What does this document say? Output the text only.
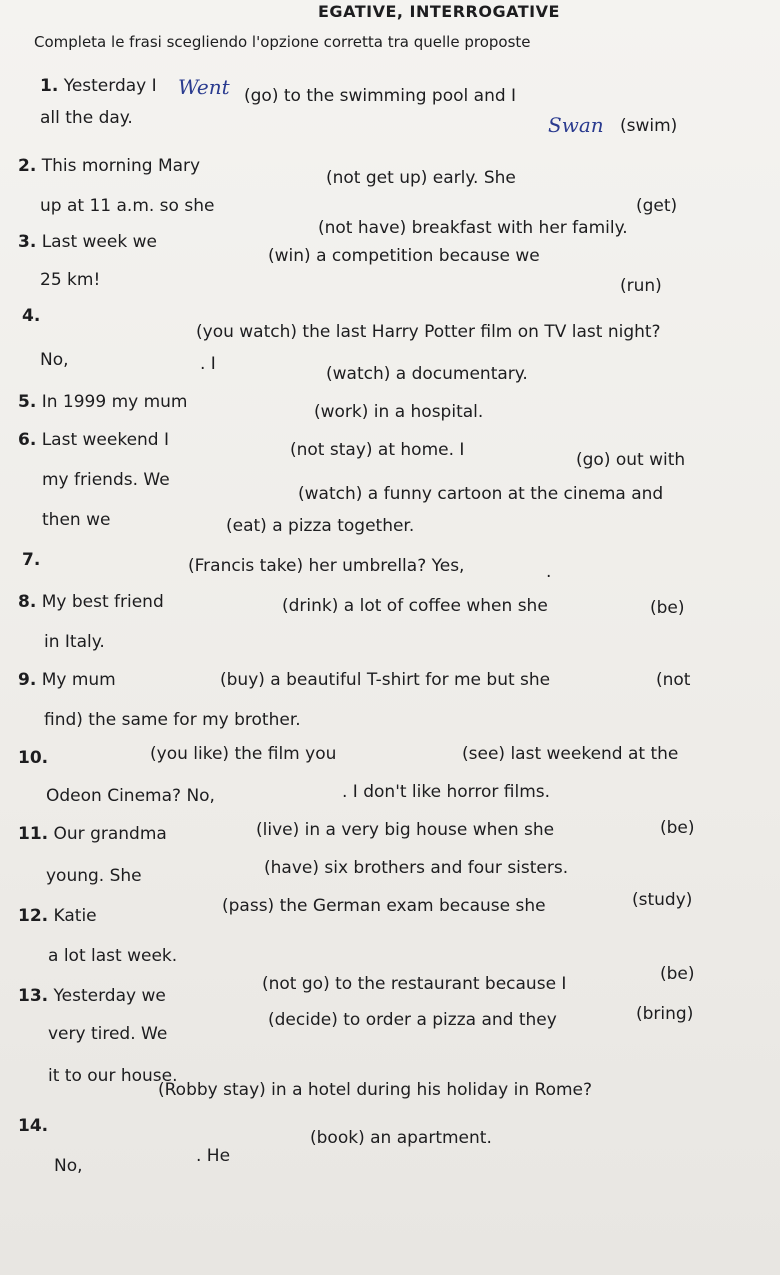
EGATIVE, INTERROGATIVE
Completa le frasi scegliendo l'opzione corretta tra quelle proposte
1. Yesterday I Went (go) to the swimming pool and I
Swan (swim)
all the day.
2. This morning Mary
(not get up) early. She
(get)
up at 11 a.m. so she
(not have) breakfast with her family.
3. Last week we
(win) a competition because we
25 km!	(run)
4.
(you watch) the last Harry Potter film on TV last night?
No,	. I	(watch) a documentary.
5. In 1999 my mum	(work) in a hospital.
6. Last weekend I	(not stay) at home. I	(go) out with
my friends. We
(watch) a funny cartoon at the cinema and
then we	(eat) a pizza together.
7.	(Francis take) her umbrella? Yes,	.
8. My best friend	(drink) a lot of coffee when she	(be)
in Italy.
9. My mum	(buy) a beautiful T-shirt for me but she	(not
find) the same for my brother.
10.	(you like) the film you	(see) last weekend at the
Odeon Cinema? No,	. I don't like horror films.
11. Our grandma	(live) in a very big house when she	(be)
young. She	(have) six brothers and four sisters.
12. Katie	(pass) the German exam because she	(study)
a lot last week.
13. Yesterday we
(not go) to the restaurant because I	(be)
very tired. We
(decide) to order a pizza and they	(bring)
it to our house.
14.
(Robby stay) in a hotel during his holiday in Rome?
No,	. He
(book) an apartment.
